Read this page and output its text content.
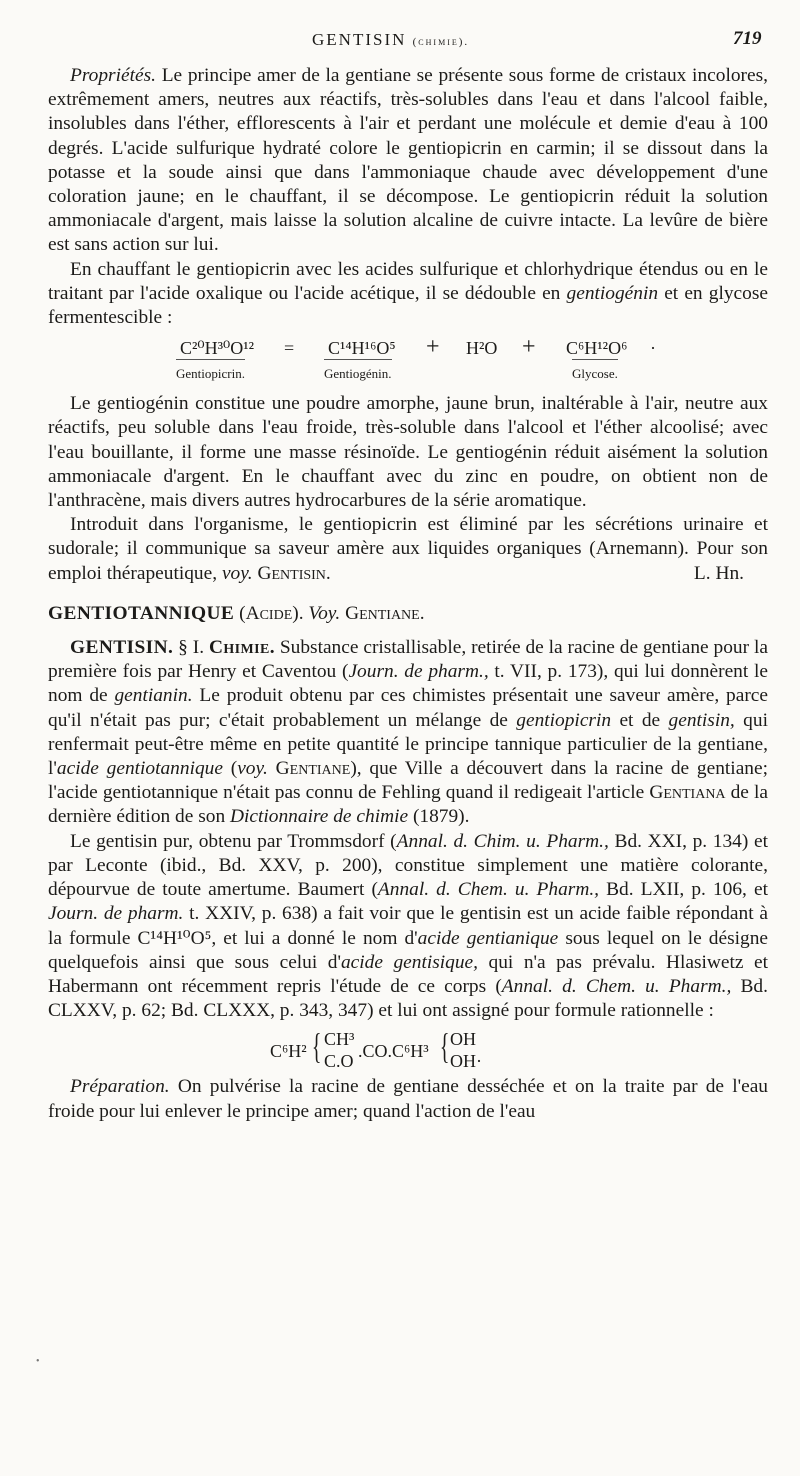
GENTISIN (chimie).	719

Propriétés. Le principe amer de la gentiane se présente sous forme de cristaux incolores, extrêmement amers, neutres aux réactifs, très-solubles dans l'eau et dans l'alcool faible, insolubles dans l'éther, efflorescents à l'air et perdant une molécule et demie d'eau à 100 degrés. L'acide sulfurique hydraté colore le gentiopicrin en carmin; il se dissout dans la potasse et la soude ainsi que dans l'ammoniaque chaude avec développement d'une coloration jaune; en le chauffant, il se décompose. Le gentiopicrin réduit la solution ammoniacale d'argent, mais laisse la solution alcaline de cuivre intacte. La levûre de bière est sans action sur lui.

En chauffant le gentiopicrin avec les acides sulfurique et chlorhydrique étendus ou en le traitant par l'acide oxalique ou l'acide acétique, il se dédouble en gentiogénin et en glycose fermentescible :

C²⁰H³⁰O¹² = C¹⁴H¹⁶O⁵ + H²O + C⁶H¹²O⁶ ·
Gentiopicrin.	Gentiogénin.	Glycose.

Le gentiogénin constitue une poudre amorphe, jaune brun, inaltérable à l'air, neutre aux réactifs, peu soluble dans l'eau froide, très-soluble dans l'alcool et l'éther alcoolisé; avec l'eau bouillante, il forme une masse résinoïde. Le gentiogénin réduit aisément la solution ammoniacale d'argent. En le chauffant avec du zinc en poudre, on obtient non de l'anthracène, mais divers autres hydrocarbures de la série aromatique.

Introduit dans l'organisme, le gentiopicrin est éliminé par les sécrétions urinaire et sudorale; il communique sa saveur amère aux liquides organiques (Arnemann). Pour son emploi thérapeutique, voy. Gentisin.	L. Hn.

GENTIOTANNIQUE (Acide). Voy. Gentiane.

GENTISIN. § I. Chimie. Substance cristallisable, retirée de la racine de gentiane pour la première fois par Henry et Caventou (Journ. de pharm., t. VII, p. 173), qui lui donnèrent le nom de gentianin. Le produit obtenu par ces chimistes présentait une saveur amère, parce qu'il n'était pas pur; c'était probablement un mélange de gentiopicrin et de gentisin, qui renfermait peut-être même en petite quantité le principe tannique particulier de la gentiane, l'acide gentiotannique (voy. Gentiane), que Ville a découvert dans la racine de gentiane; l'acide gentiotannique n'était pas connu de Fehling quand il redigeait l'article Gentiana de la dernière édition de son Dictionnaire de chimie (1879).

Le gentisin pur, obtenu par Trommsdorf (Annal. d. Chim. u. Pharm., Bd. XXI, p. 134) et par Leconte (ibid., Bd. XXV, p. 200), constitue simplement une matière colorante, dépourvue de toute amertume. Baumert (Annal. d. Chem. u. Pharm., Bd. LXII, p. 106, et Journ. de pharm. t. XXIV, p. 638) a fait voir que le gentisin est un acide faible répondant à la formule C¹⁴H¹⁰O⁵, et lui a donné le nom d'acide gentianique sous lequel on le désigne quelquefois ainsi que sous celui d'acide gentisique, qui n'a pas prévalu. Hlasiwetz et Habermann ont récemment repris l'étude de ce corps (Annal. d. Chem. u. Pharm., Bd. CLXXV, p. 62; Bd. CLXXX, p. 343, 347) et lui ont assigné pour formule rationnelle :

C⁶H² { CH³
C.O .CO.C⁶H³ { OH
OH·

Préparation. On pulvérise la racine de gentiane desséchée et on la traite par de l'eau froide pour lui enlever le principe amer; quand l'action de l'eau

•
